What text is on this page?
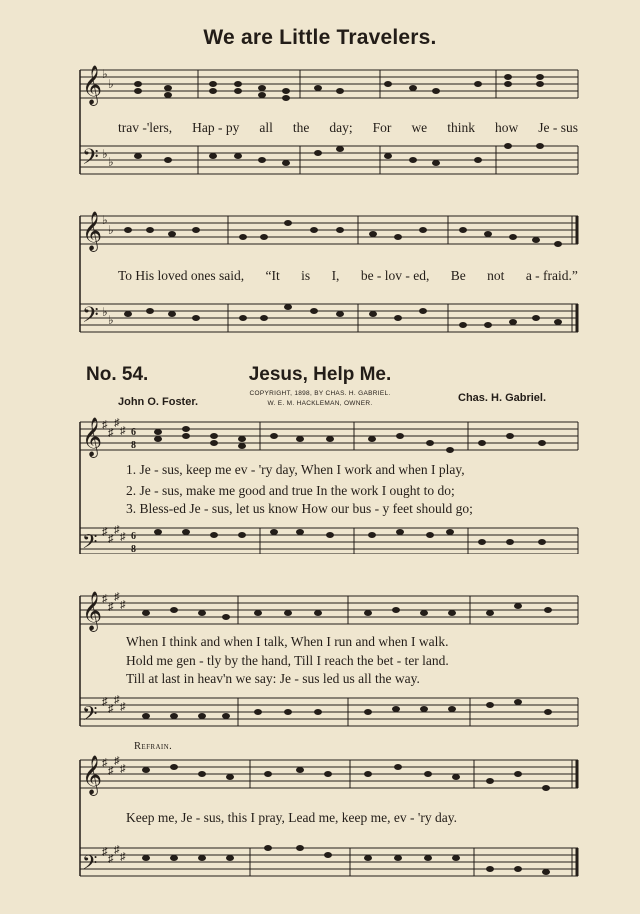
We are Little Travelers.
𝄞
𝄢
♭
♭
♭
♭
trav -'lers, Hap - py all the day; For we think how Je - sus
𝄞
𝄢
♭
♭
♭
♭
To His loved ones said, “It is I, be - lov - ed, Be not a - fraid.”
No. 54.	Jesus, Help Me.
John O. Foster.
COPYRIGHT, 1898, BY CHAS. H. GABRIEL.
W. E. M. HACKLEMAN, OWNER.	Chas. H. Gabriel.
𝄞
𝄢
♯
♯
♯
♯ 6
8
♯
♯
♯
♯ 6
8
1. Je - sus, keep me ev - 'ry day, When I work and when I play,
2. Je - sus, make me good and true In the work I ought to do;
3. Bless-ed Je - sus, let us know How our bus - y feet should go;
𝄞
𝄢
♯
♯
♯
♯
♯
♯
♯
♯
When I think and when I talk, When I run and when I walk.
Hold me gen - tly by the hand, Till I reach the bet - ter land.
Till at last in heav'n we say: Je - sus led us all the way.
Refrain.
𝄞
𝄢
♯
♯
♯
♯
♯
♯
♯
♯
Keep me, Je - sus, this I pray, Lead me, keep me, ev - 'ry day.
